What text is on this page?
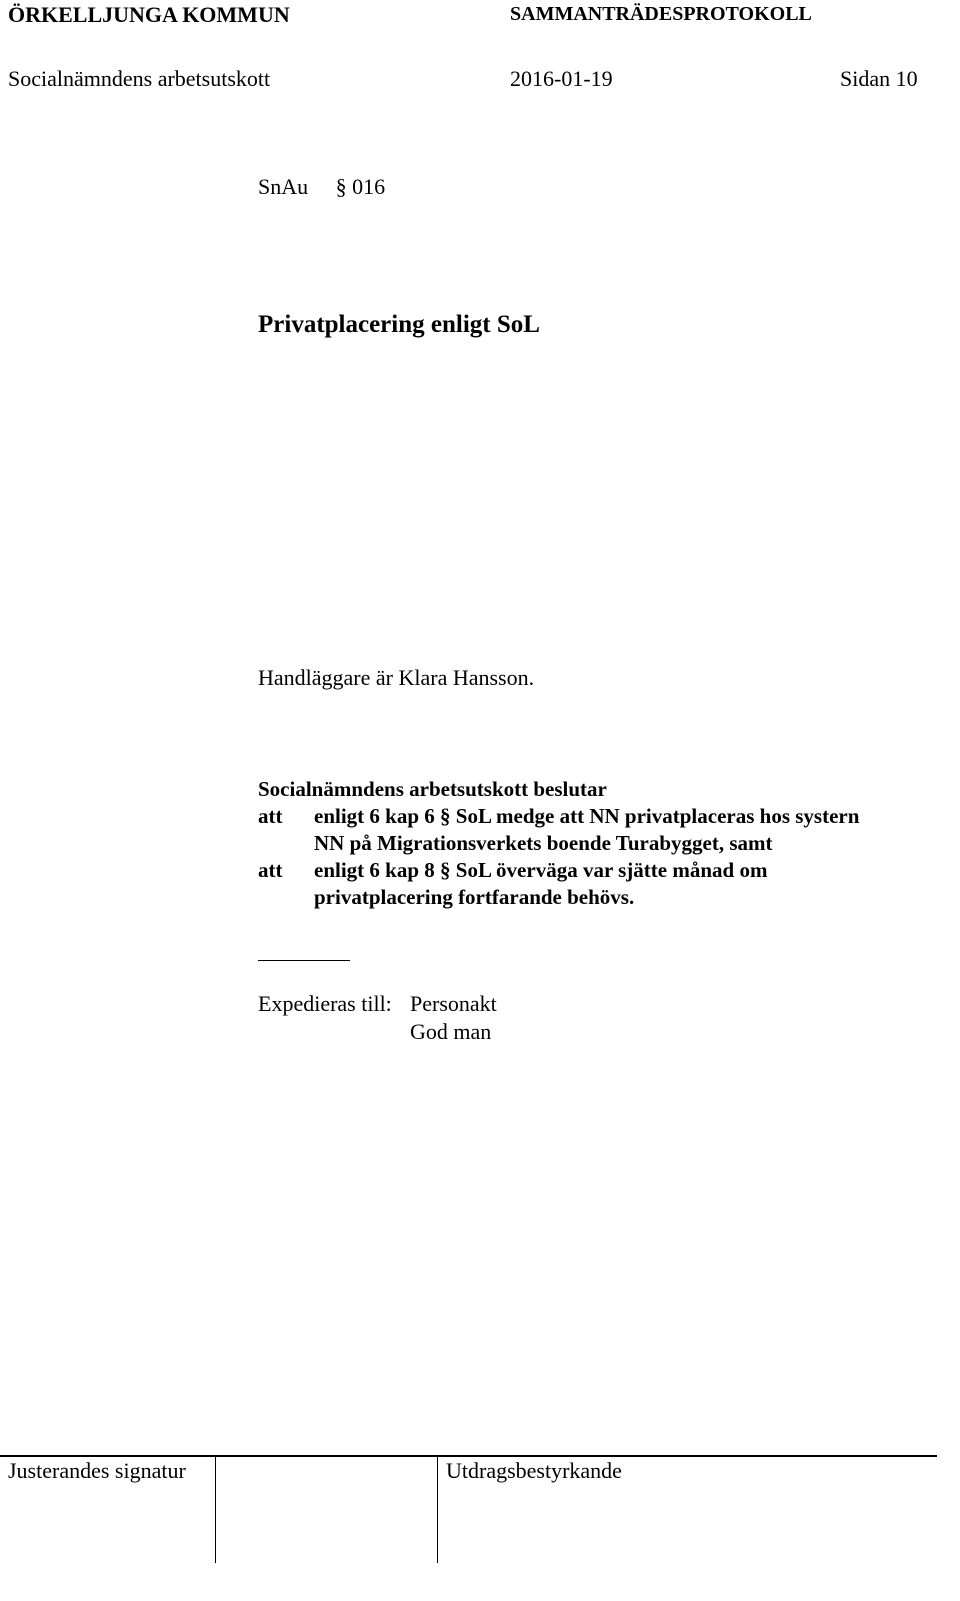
ÖRKELLJUNGA KOMMUN	SAMMANTRÄDESPROTOKOLL
Socialnämndens arbetsutskott	2016-01-19	Sidan 10
SnAu § 016
Privatplacering enligt SoL
Handläggare är Klara Hansson.
Socialnämndens arbetsutskott beslutar
att	enligt 6 kap 6 § SoL medge att NN privatplaceras hos systern
NN på Migrationsverkets boende Turabygget, samt
att	enligt 6 kap 8 § SoL överväga var sjätte månad om
privatplacering fortfarande behövs.
Expedieras till: Personakt
God man
Justerandes signatur	Utdragsbestyrkande
